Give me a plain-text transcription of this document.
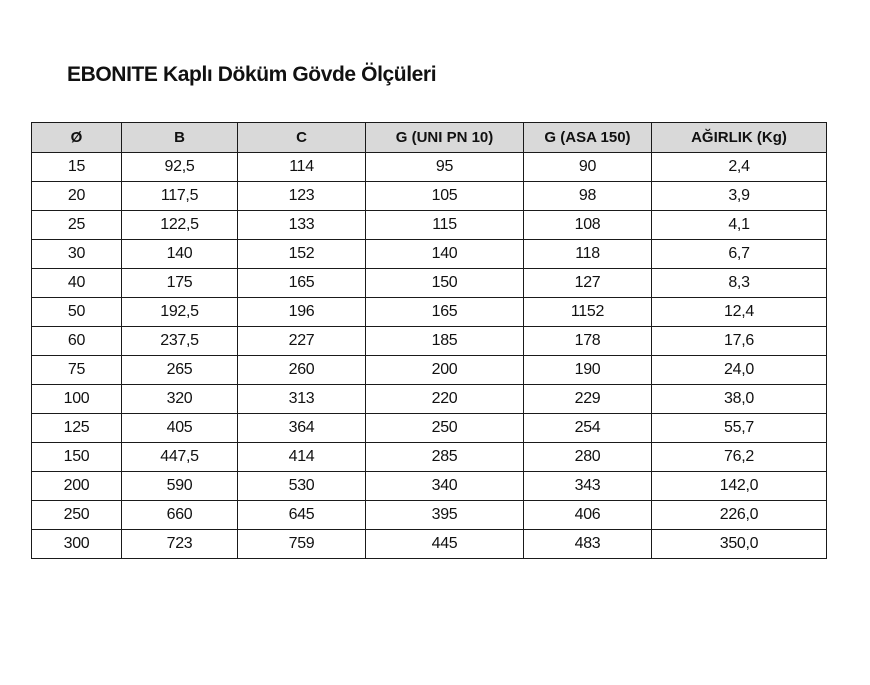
EBONITE Kaplı Döküm Gövde Ölçüleri
Ø	B	C	G (UNI PN 10)	G (ASA 150)	AĞIRLIK (Kg)
15	92,5	114	95	90	2,4
20	117,5	123	105	98	3,9
25	122,5	133	115	108	4,1
30	140	152	140	118	6,7
40	175	165	150	127	8,3
50	192,5	196	165	1152	12,4
60	237,5	227	185	178	17,6
75	265	260	200	190	24,0
100	320	313	220	229	38,0
125	405	364	250	254	55,7
150	447,5	414	285	280	76,2
200	590	530	340	343	142,0
250	660	645	395	406	226,0
300	723	759	445	483	350,0
